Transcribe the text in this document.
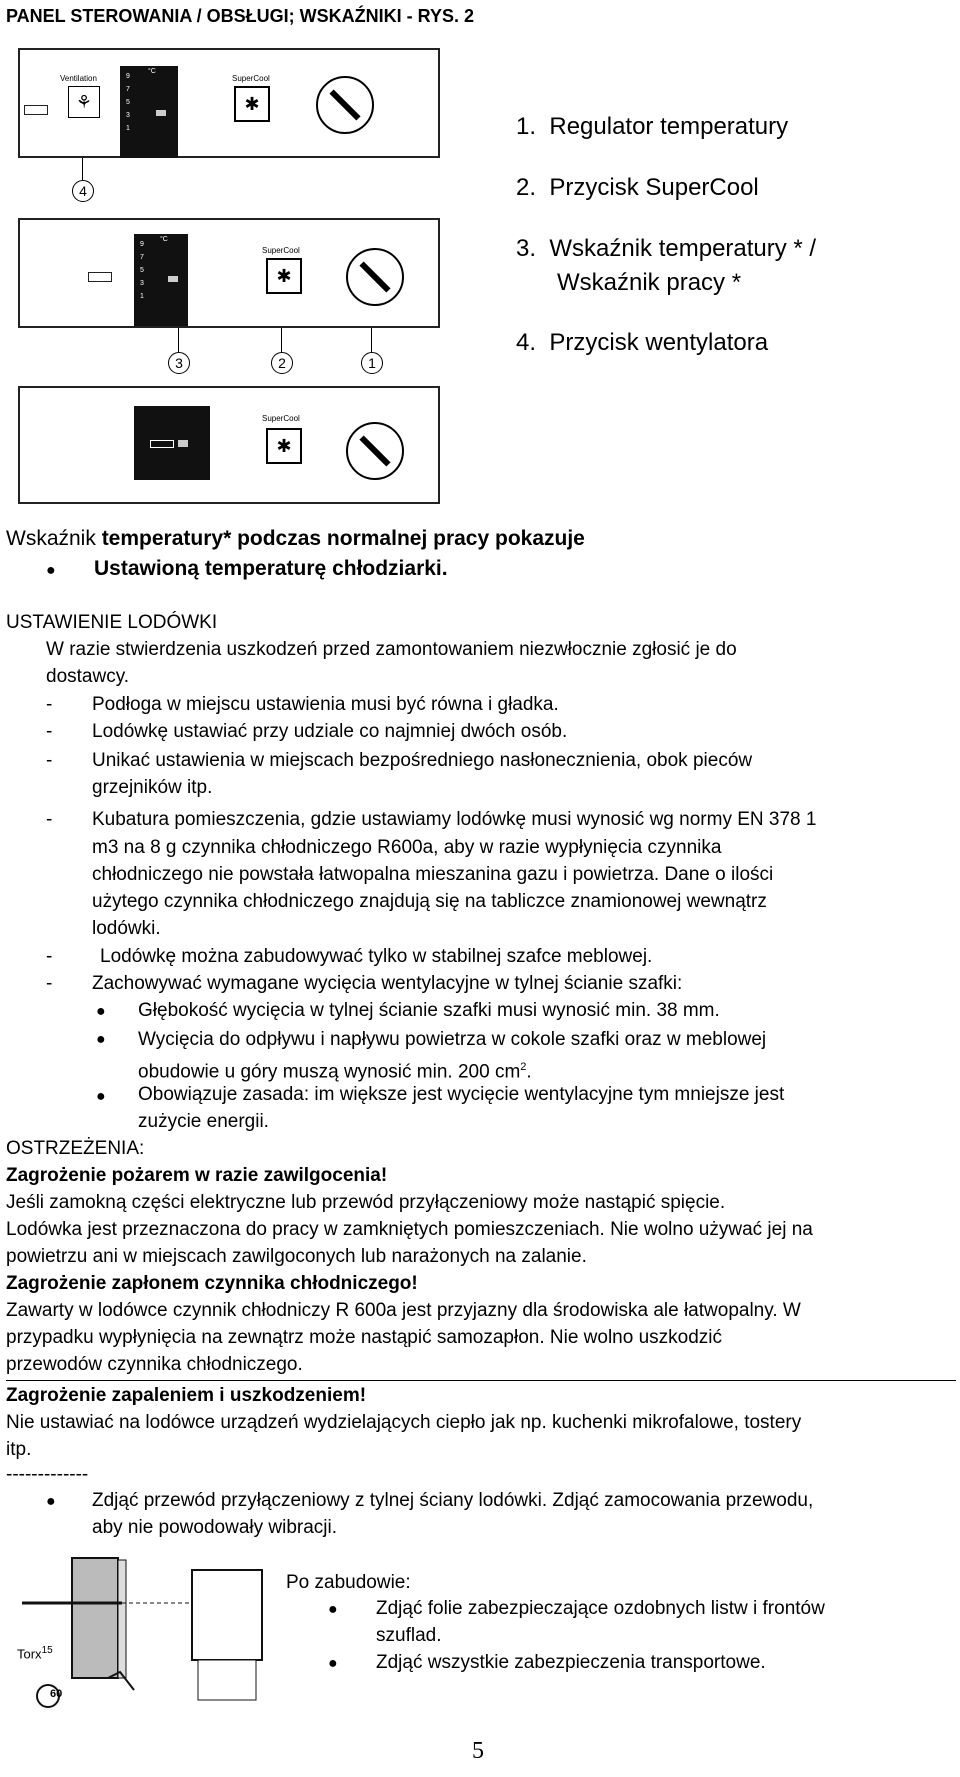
PANEL STEROWANIA / OBSŁUGI; WSKAŹNIKI - RYS. 2
Ventilation
⚘
9
7
5
3
1
°C
SuperCool
✱
4
9
7
5
3
1
°C
SuperCool
✱
3	2	1
SuperCool
✱
1. Regulator temperatury
2. Przycisk SuperCool
3. Wskaźnik temperatury * /
Wskaźnik pracy *
4. Przycisk wentylatora
Wskaźnik temperatury* podczas normalnej pracy pokazuje
● Ustawioną temperaturę chłodziarki.
USTAWIENIE LODÓWKI
W razie stwierdzenia uszkodzeń przed zamontowaniem niezwłocznie zgłosić je do
dostawcy.
- Podłoga w miejscu ustawienia musi być równa i gładka.
- Lodówkę ustawiać przy udziale co najmniej dwóch osób.
- Unikać ustawienia w miejscach bezpośredniego nasłonecznienia, obok pieców
grzejników itp.
- Kubatura pomieszczenia, gdzie ustawiamy lodówkę musi wynosić wg normy EN 378 1
m3 na 8 g czynnika chłodniczego R600a, aby w razie wypłynięcia czynnika
chłodniczego nie powstała łatwopalna mieszanina gazu i powietrza. Dane o ilości
użytego czynnika chłodniczego znajdują się na tabliczce znamionowej wewnątrz
lodówki.
-	Lodówkę można zabudowywać tylko w stabilnej szafce meblowej.
- Zachowywać wymagane wycięcia wentylacyjne w tylnej ścianie szafki:
● Głębokość wycięcia w tylnej ścianie szafki musi wynosić min. 38 mm.
● Wycięcia do odpływu i napływu powietrza w cokole szafki oraz w meblowej
obudowie u góry muszą wynosić min. 200 $cm^2$.
● Obowiązuje zasada: im większe jest wycięcie wentylacyjne tym mniejsze jest
zużycie energii.
OSTRZEŻENIA:
Zagrożenie pożarem w razie zawilgocenia!
Jeśli zamokną części elektryczne lub przewód przyłączeniowy może nastąpić spięcie.
Lodówka jest przeznaczona do pracy w zamkniętych pomieszczeniach. Nie wolno używać jej na
powietrzu ani w miejscach zawilgoconych lub narażonych na zalanie.
Zagrożenie zapłonem czynnika chłodniczego!
Zawarty w lodówce czynnik chłodniczy R 600a jest przyjazny dla środowiska ale łatwopalny. W
przypadku wypłynięcia na zewnątrz może nastąpić samozapłon. Nie wolno uszkodzić
przewodów czynnika chłodniczego.
Zagrożenie zapaleniem i uszkodzeniem!
Nie ustawiać na lodówce urządzeń wydzielających ciepło jak np. kuchenki mikrofalowe, tostery
itp.
-------------
● Zdjąć przewód przyłączeniowy z tylnej ściany lodówki. Zdjąć zamocowania przewodu,
aby nie powodowały wibracji.
Torx$^{15}$
60
Po zabudowie:
● Zdjąć folie zabezpieczające ozdobnych listw i frontów
szuflad.
● Zdjąć wszystkie zabezpieczenia transportowe.
5
